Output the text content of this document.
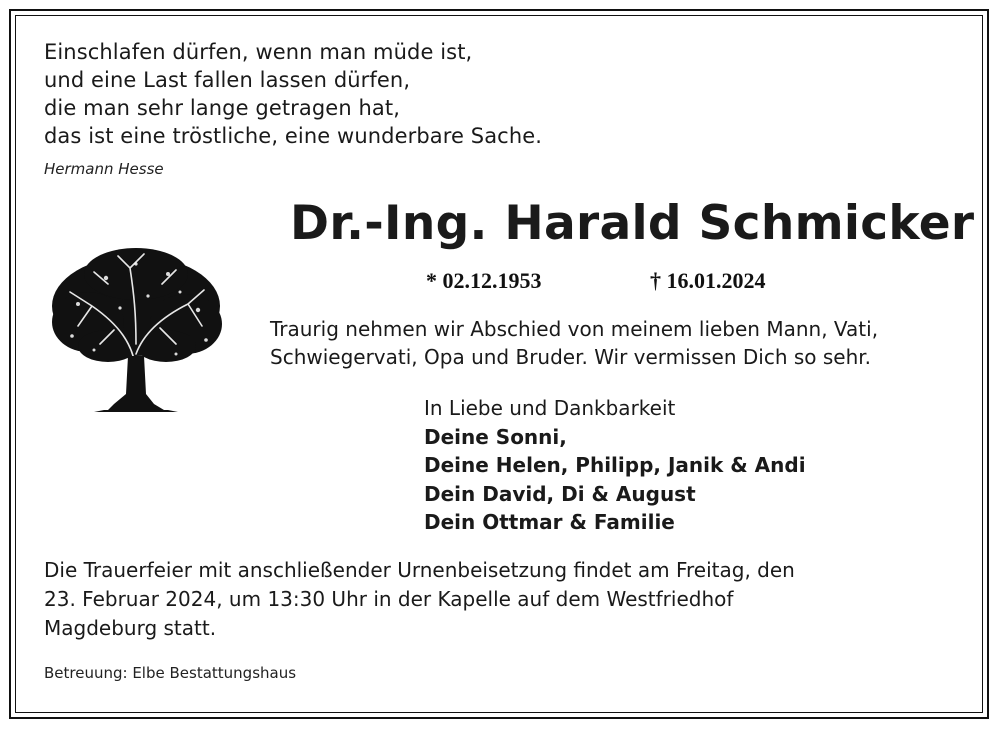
Einschlafen dürfen, wenn man müde ist,
und eine Last fallen lassen dürfen,
die man sehr lange getragen hat,
das ist eine tröstliche, eine wunderbare Sache.
Hermann Hesse
Dr.-Ing. Harald Schmicker
* 02.12.1953	† 16.01.2024
Traurig nehmen wir Abschied von meinem lieben Mann, Vati,
Schwiegervati, Opa und Bruder. Wir vermissen Dich so sehr.
In Liebe und Dankbarkeit
Deine Sonni,
Deine Helen, Philipp, Janik & Andi
Dein David, Di & August
Dein Ottmar & Familie
Die Trauerfeier mit anschließender Urnenbeisetzung findet am Freitag, den
23. Februar 2024, um 13:30 Uhr in der Kapelle auf dem Westfriedhof
Magdeburg statt.
Betreuung: Elbe Bestattungshaus
